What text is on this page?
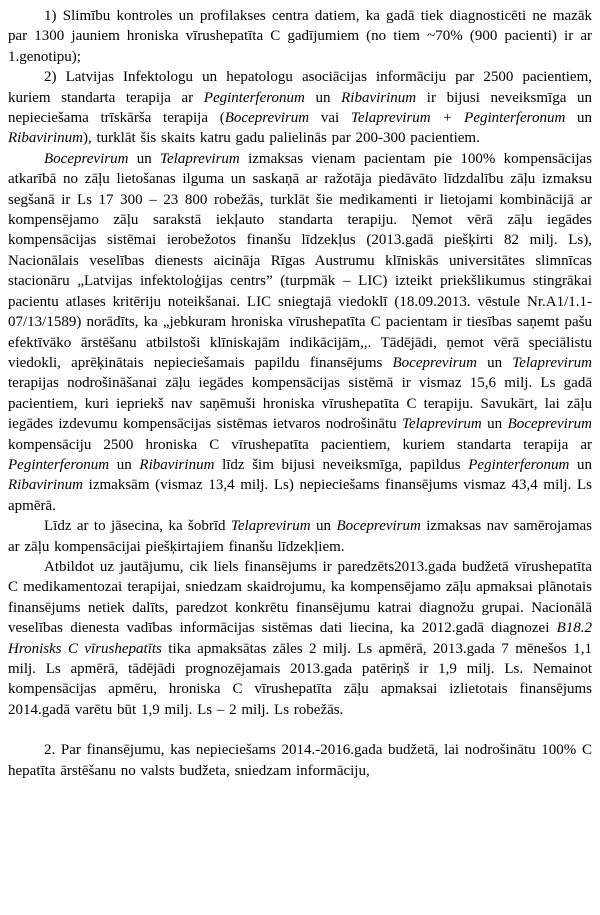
1) Slimību kontroles un profilakses centra datiem, ka gadā tiek diagnosticēti ne mazāk par 1300 jauniem hroniska vīrushepatīta C gadījumiem (no tiem ~70% (900 pacienti) ir ar 1.genotipu);

2) Latvijas Infektologu un hepatologu asociācijas informāciju par 2500 pacientiem, kuriem standarta terapija ar Peginterferonum un Ribavirinum ir bijusi neveiksmīga un nepieciešama trīskārša terapija (Boceprevirum vai Telaprevirum + Peginterferonum un Ribavirinum), turklāt šis skaits katru gadu palielinās par 200-300 pacientiem.

Boceprevirum un Telaprevirum izmaksas vienam pacientam pie 100% kompensācijas atkarībā no zāļu lietošanas ilguma un saskaņā ar ražotāja piedāvāto līdzdalību zāļu izmaksu segšanā ir Ls 17 300 – 23 800 robežās, turklāt šie medikamenti ir lietojami kombinācijā ar kompensējamo zāļu sarakstā iekļauto standarta terapiju. Ņemot vērā zāļu iegādes kompensācijas sistēmai ierobežotos finanšu līdzekļus (2013.gadā piešķirti 82 milj. Ls), Nacionālais veselības dienests aicināja Rīgas Austrumu klīniskās universitātes slimnīcas stacionāru „Latvijas infektoloģijas centrs” (turpmāk – LIC) izteikt priekšlikumus stingrākai pacientu atlases kritēriju noteikšanai. LIC sniegtajā viedoklī (18.09.2013. vēstule Nr.A1/1.1-07/13/1589) norādīts, ka „jebkuram hroniska vīrushepatīta C pacientam ir tiesības saņemt pašu efektīvāko ārstēšanu atbilstoši klīniskajām indikācijām,,. Tādējādi, ņemot vērā speciālistu viedokli, aprēķinātais nepieciešamais papildu finansējums Boceprevirum un Telaprevirum terapijas nodrošināšanai zāļu iegādes kompensācijas sistēmā ir vismaz 15,6 milj. Ls gadā pacientiem, kuri iepriekš nav saņēmuši hroniska vīrushepatīta C terapiju. Savukārt, lai zāļu iegādes izdevumu kompensācijas sistēmas ietvaros nodrošinātu Telaprevirum un Boceprevirum kompensāciju 2500 hroniska C vīrushepatīta pacientiem, kuriem standarta terapija ar Peginterferonum un Ribavirinum līdz šim bijusi neveiksmīga, papildus Peginterferonum un Ribavirinum izmaksām (vismaz 13,4 milj. Ls) nepieciešams finansējums vismaz 43,4 milj. Ls apmērā.

Līdz ar to jāsecina, ka šobrīd Telaprevirum un Boceprevirum izmaksas nav samērojamas ar zāļu kompensācijai piešķirtajiem finanšu līdzekļiem.

Atbildot uz jautājumu, cik liels finansējums ir paredzēts2013.gada budžetā vīrushepatīta C medikamentozai terapijai, sniedzam skaidrojumu, ka kompensējamo zāļu apmaksai plānotais finansējums netiek dalīts, paredzot konkrētu finansējumu katrai diagnožu grupai. Nacionālā veselības dienesta vadības informācijas sistēmas dati liecina, ka 2012.gadā diagnozei B18.2 Hronisks C vīrushepatīts tika apmaksātas zāles 2 milj. Ls apmērā, 2013.gada 7 mēnešos 1,1 milj. Ls apmērā, tādējādi prognozējamais 2013.gada patēriņš ir 1,9 milj. Ls. Nemainot kompensācijas apmēru, hroniska C vīrushepatīta zāļu apmaksai izlietotais finansējums 2014.gadā varētu būt 1,9 milj. Ls – 2 milj. Ls robežās.

2. Par finansējumu, kas nepieciešams 2014.-2016.gada budžetā, lai nodrošinātu 100% C hepatīta ārstēšanu no valsts budžeta, sniedzam informāciju,
